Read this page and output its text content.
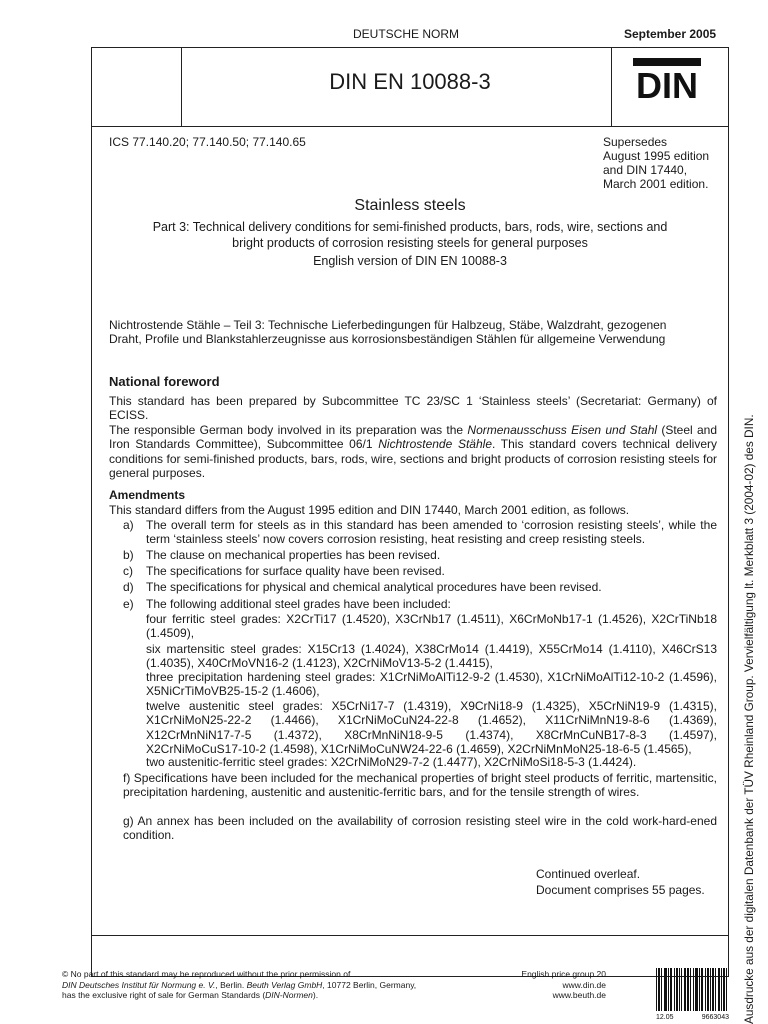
DEUTSCHE NORM	September 2005
DIN EN 10088-3	DIN
ICS 77.140.20; 77.140.50; 77.140.65	Supersedes
August 1995 edition
and DIN 17440,
March 2001 edition.
Stainless steels
Part 3: Technical delivery conditions for semi-finished products, bars, rods, wire, sections and
bright products of corrosion resisting steels for general purposes
English version of DIN EN 10088-3
Nichtrostende Stähle – Teil 3: Technische Lieferbedingungen für Halbzeug, Stäbe, Walzdraht, gezogenen
Draht, Profile und Blankstahlerzeugnisse aus korrosionsbeständigen Stählen für allgemeine Verwendung
National foreword
This standard has been prepared by Subcommittee TC 23/SC 1 ‘Stainless steels’ (Secretariat: Germany) of ECISS.
The responsible German body involved in its preparation was the Normenausschuss Eisen und Stahl (Steel and Iron Standards Committee), Subcommittee 06/1 Nichtrostende Stähle. This standard covers technical delivery conditions for semi-finished products, bars, rods, wire, sections and bright products of corrosion resisting steels for general purposes.
Amendments
This standard differs from the August 1995 edition and DIN 17440, March 2001 edition, as follows.
a) The overall term for steels as in this standard has been amended to ‘corrosion resisting steels’, while the term ‘stainless steels’ now covers corrosion resisting, heat resisting and creep resisting steels.
b) The clause on mechanical properties has been revised.
c) The specifications for surface quality have been revised.
d) The specifications for physical and chemical analytical procedures have been revised.
e) The following additional steel grades have been included:
four ferritic steel grades: X2CrTi17 (1.4520), X3CrNb17 (1.4511), X6CrMoNb17-1 (1.4526), X2CrTiNb18 (1.4509),
six martensitic steel grades: X15Cr13 (1.4024), X38CrMo14 (1.4419), X55CrMo14 (1.4110), X46CrS13 (1.4035), X40CrMoVN16-2 (1.4123), X2CrNiMoV13-5-2 (1.4415),
three precipitation hardening steel grades: X1CrNiMoAlTi12-9-2 (1.4530), X1CrNiMoAlTi12-10-2 (1.4596), X5NiCrTiMoVB25-15-2 (1.4606),
twelve austenitic steel grades: X5CrNi17-7 (1.4319), X9CrNi18-9 (1.4325), X5CrNiN19-9 (1.4315), X1CrNiMoN25-22-2 (1.4466), X1CrNiMoCuN24-22-8 (1.4652), X11CrNiMnN19-8-6 (1.4369), X12CrMnNiN17-7-5 (1.4372), X8CrMnNiN18-9-5 (1.4374), X8CrMnCuNB17-8-3 (1.4597), X2CrNiMoCuS17-10-2 (1.4598), X1CrNiMoCuNW24-22-6 (1.4659), X2CrNiMnMoN25-18-6-5 (1.4565),
two austenitic-ferritic steel grades: X2CrNiMoN29-7-2 (1.4477), X2CrNiMoSi18-5-3 (1.4424).
f) Specifications have been included for the mechanical properties of bright steel products of ferritic, martensitic, precipitation hardening, austenitic and austenitic-ferritic bars, and for the tensile strength of wires.
g) An annex has been included on the availability of corrosion resisting steel wire in the cold work-hard-ened condition.
Continued overleaf.
Document comprises 55 pages.
© No part of this standard may be reproduced without the prior permission of
DIN Deutsches Institut für Normung e. V., Berlin. Beuth Verlag GmbH, 10772 Berlin, Germany,
has the exclusive right of sale for German Standards (DIN-Normen).
English price group 20
www.din.de
www.beuth.de
12.05	9663043 Ausdrucke aus der digitalen Datenbank der TÜV Rheinland Group. Vervielfältigung lt. Merkblatt 3 (2004-02) des DIN.
